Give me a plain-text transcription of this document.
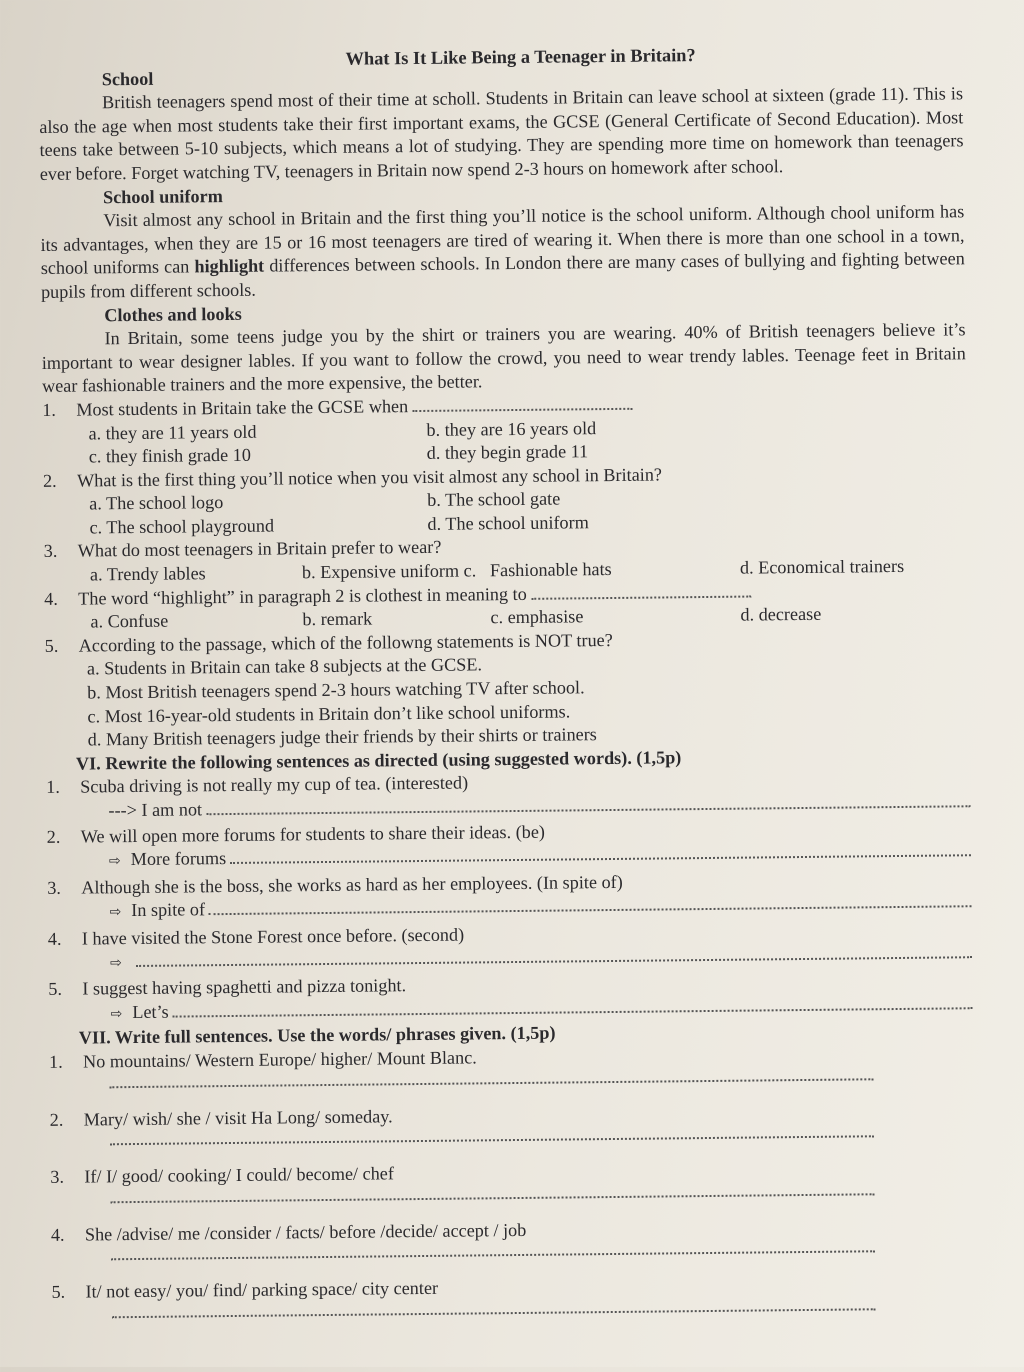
What Is It Like Being a Teenager in Britain?

School

British teenagers spend most of their time at scholl. Students in Britain can leave school at sixteen (grade 11). This is also the age when most students take their first important exams, the GCSE (General Certificate of Second Education). Most teens take between 5-10 subjects, which means a lot of studying. They are spending more time on homework than teenagers ever before. Forget watching TV, teenagers in Britain now spend 2-3 hours on homework after school.

School uniform

Visit almost any school in Britain and the first thing you’ll notice is the school uniform. Although chool uniform has its advantages, when they are 15 or 16 most teenagers are tired of wearing it. When there is more than one school in a town, school uniforms can highlight differences between schools. In London there are many cases of bullying and fighting between pupils from different schools.

Clothes and looks

In Britain, some teens judge you by the shirt or trainers you are wearing. 40% of British teenagers believe it’s important to wear designer lables. If you want to follow the crowd, you need to wear trendy lables. Teenage feet in Britain wear fashionable trainers and the more expensive, the better.

1.	Most students in Britain take the GCSE when
a. they are 11 years old	b. they are 16 years old
c. they finish grade 10	d. they begin grade 11
2.	What is the first thing you’ll notice when you visit almost any school in Britain?
a. The school logo	b. The school gate
c. The school playground	d. The school uniform
3.	What do most teenagers in Britain prefer to wear?
a. Trendy lables	b. Expensive uniform c. Fashionable hats	d. Economical trainers
4.	The word “highlight” in paragraph 2 is clothest in meaning to
a. Confuse	b. remark	c. emphasise	d. decrease
5.	According to the passage, which of the followng statements is NOT true?
a. Students in Britain can take 8 subjects at the GCSE.
b. Most British teenagers spend 2-3 hours watching TV after school.
c. Most 16-year-old students in Britain don’t like school uniforms.
d. Many British teenagers judge their friends by their shirts or trainers

VI. Rewrite the following sentences as directed (using suggested words). (1,5p)

1.	Scuba driving is not really my cup of tea. (interested)
---> I am not
2.	We will open more forums for students to share their ideas. (be)
⇨ More forums
3.	Although she is the boss, she works as hard as her employees. (In spite of)
⇨ In spite of
4.	I have visited the Stone Forest once before. (second)
⇨
5.	I suggest having spaghetti and pizza tonight.
⇨ Let’s

VII. Write full sentences. Use the words/ phrases given. (1,5p)

1.	No mountains/ Western Europe/ higher/ Mount Blanc.
2.	Mary/ wish/ she / visit Ha Long/ someday.
3.	If/ I/ good/ cooking/ I could/ become/ chef
4.	She /advise/ me /consider / facts/ before /decide/ accept / job
5.	It/ not easy/ you/ find/ parking space/ city center
